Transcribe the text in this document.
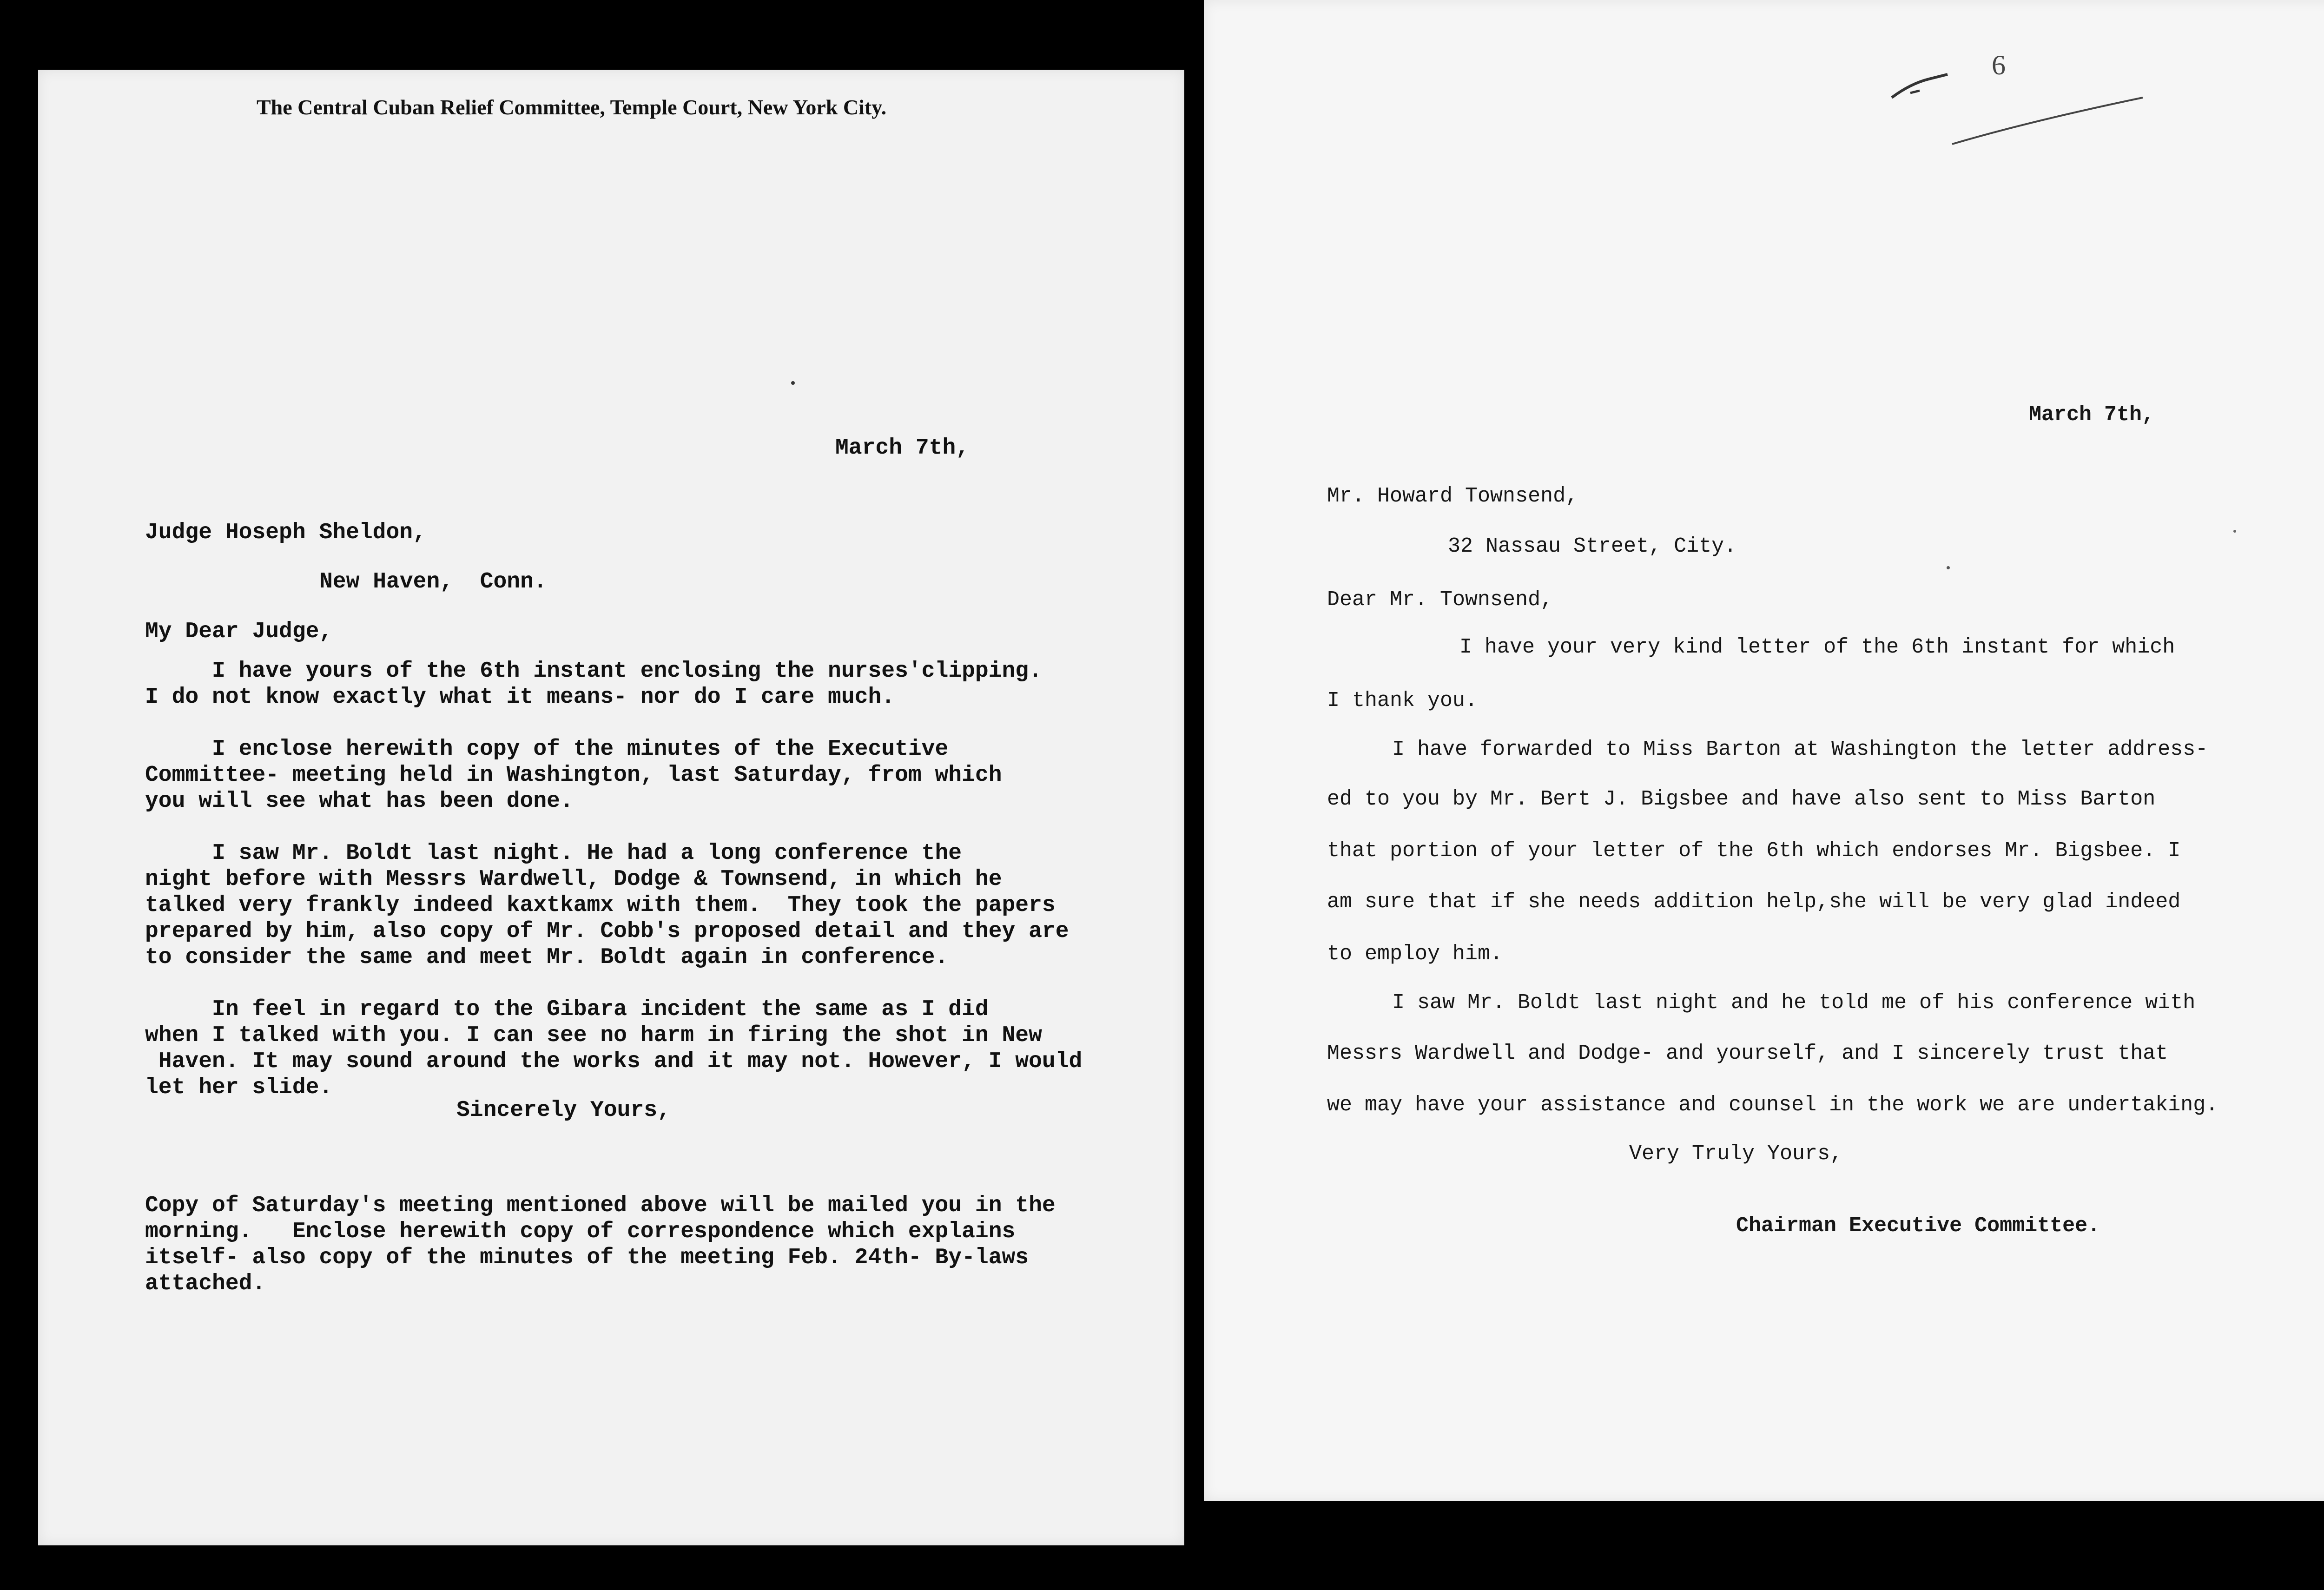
The Central Cuban Relief Committee, Temple Court, New York City.
March 7th,
Judge Hoseph Sheldon,
New Haven,  Conn.
My Dear Judge,
I have yours of the 6th instant enclosing the nurses'clipping.
I do not know exactly what it means- nor do I care much.
I enclose herewith copy of the minutes of the Executive
Committee- meeting held in Washington, last Saturday, from which
you will see what has been done.
I saw Mr. Boldt last night. He had a long conference the
night before with Messrs Wardwell, Dodge & Townsend, in which he
talked very frankly indeed kaxtkamx with them.  They took the papers
prepared by him, also copy of Mr. Cobb's proposed detail and they are
to consider the same and meet Mr. Boldt again in conference.
In feel in regard to the Gibara incident the same as I did
when I talked with you. I can see no harm in firing the shot in New
Haven. It may sound around the works and it may not. However, I would
let her slide.
Sincerely Yours,
Copy of Saturday's meeting mentioned above will be mailed you in the
morning.   Enclose herewith copy of correspondence which explains
itself- also copy of the minutes of the meeting Feb. 24th- By-laws
attached.
6
March 7th,
Mr. Howard Townsend,
32 Nassau Street, City.
Dear Mr. Townsend,
I have your very kind letter of the 6th instant for which
I thank you.
I have forwarded to Miss Barton at Washington the letter address-
ed to you by Mr. Bert J. Bigsbee and have also sent to Miss Barton
that portion of your letter of the 6th which endorses Mr. Bigsbee. I
am sure that if she needs addition help,she will be very glad indeed
to employ him.
I saw Mr. Boldt last night and he told me of his conference with
Messrs Wardwell and Dodge- and yourself, and I sincerely trust that
we may have your assistance and counsel in the work we are undertaking.
Very Truly Yours,
Chairman Executive Committee.
